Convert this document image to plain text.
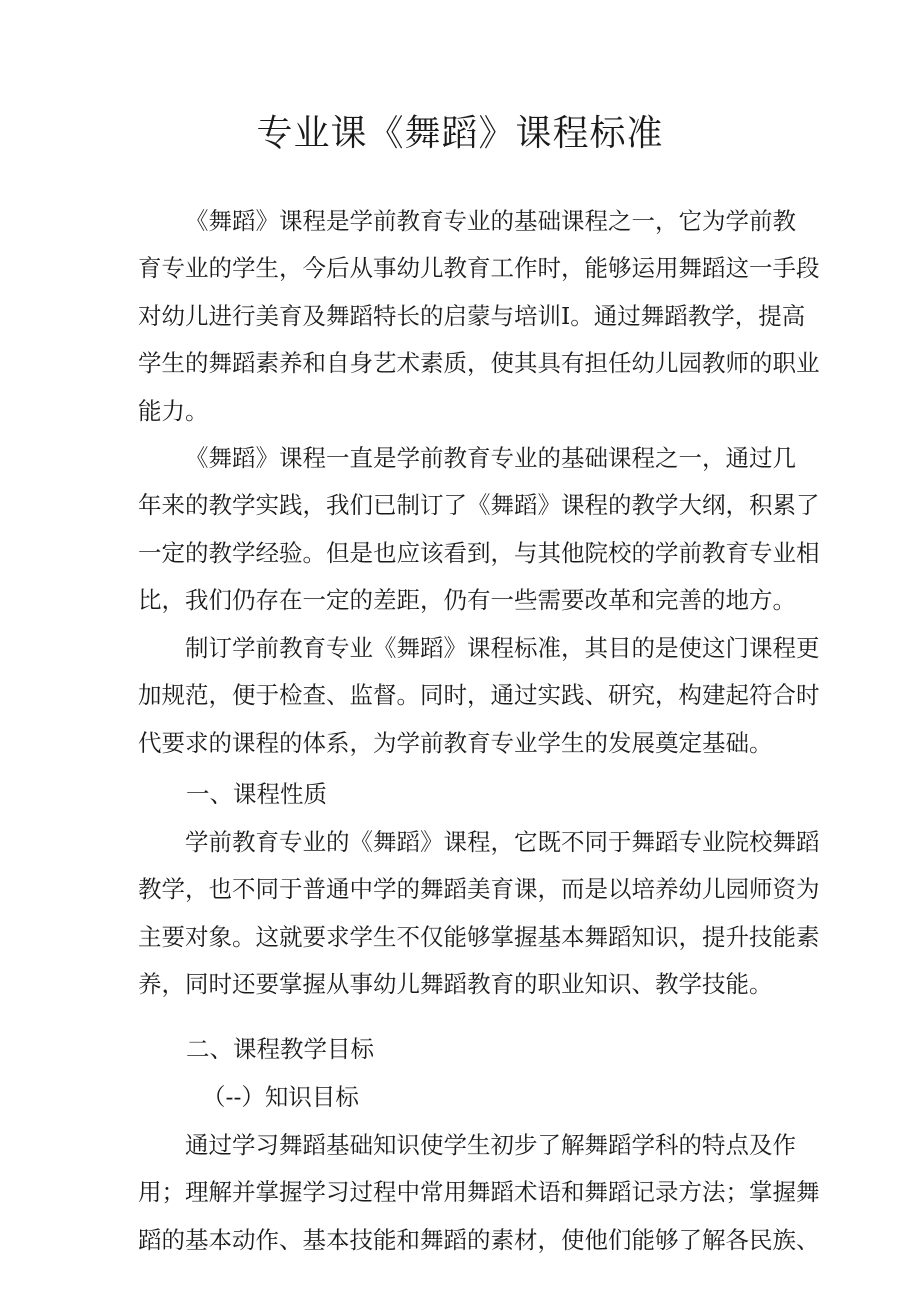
专业课《舞蹈》课程标准
《舞蹈》课程是学前教育专业的基础课程之一，它为学前教
育专业的学生，今后从事幼儿教育工作时，能够运用舞蹈这一手段
对幼儿进行美育及舞蹈特长的启蒙与培训I。通过舞蹈教学，提高
学生的舞蹈素养和自身艺术素质，使其具有担任幼儿园教师的职业
能力。
《舞蹈》课程一直是学前教育专业的基础课程之一，通过几
年来的教学实践，我们已制订了《舞蹈》课程的教学大纲，积累了
一定的教学经验。但是也应该看到，与其他院校的学前教育专业相
比，我们仍存在一定的差距，仍有一些需要改革和完善的地方。
制订学前教育专业《舞蹈》课程标准，其目的是使这门课程更
加规范，便于检查、监督。同时，通过实践、研究，构建起符合时
代要求的课程的体系，为学前教育专业学生的发展奠定基础。
一、课程性质
学前教育专业的《舞蹈》课程，它既不同于舞蹈专业院校舞蹈
教学，也不同于普通中学的舞蹈美育课，而是以培养幼儿园师资为
主要对象。这就要求学生不仅能够掌握基本舞蹈知识，提升技能素
养，同时还要掌握从事幼儿舞蹈教育的职业知识、教学技能。
二、课程教学目标
（--）知识目标
通过学习舞蹈基础知识使学生初步了解舞蹈学科的特点及作
用；理解并掌握学习过程中常用舞蹈术语和舞蹈记录方法；掌握舞
蹈的基本动作、基本技能和舞蹈的素材，使他们能够了解各民族、
